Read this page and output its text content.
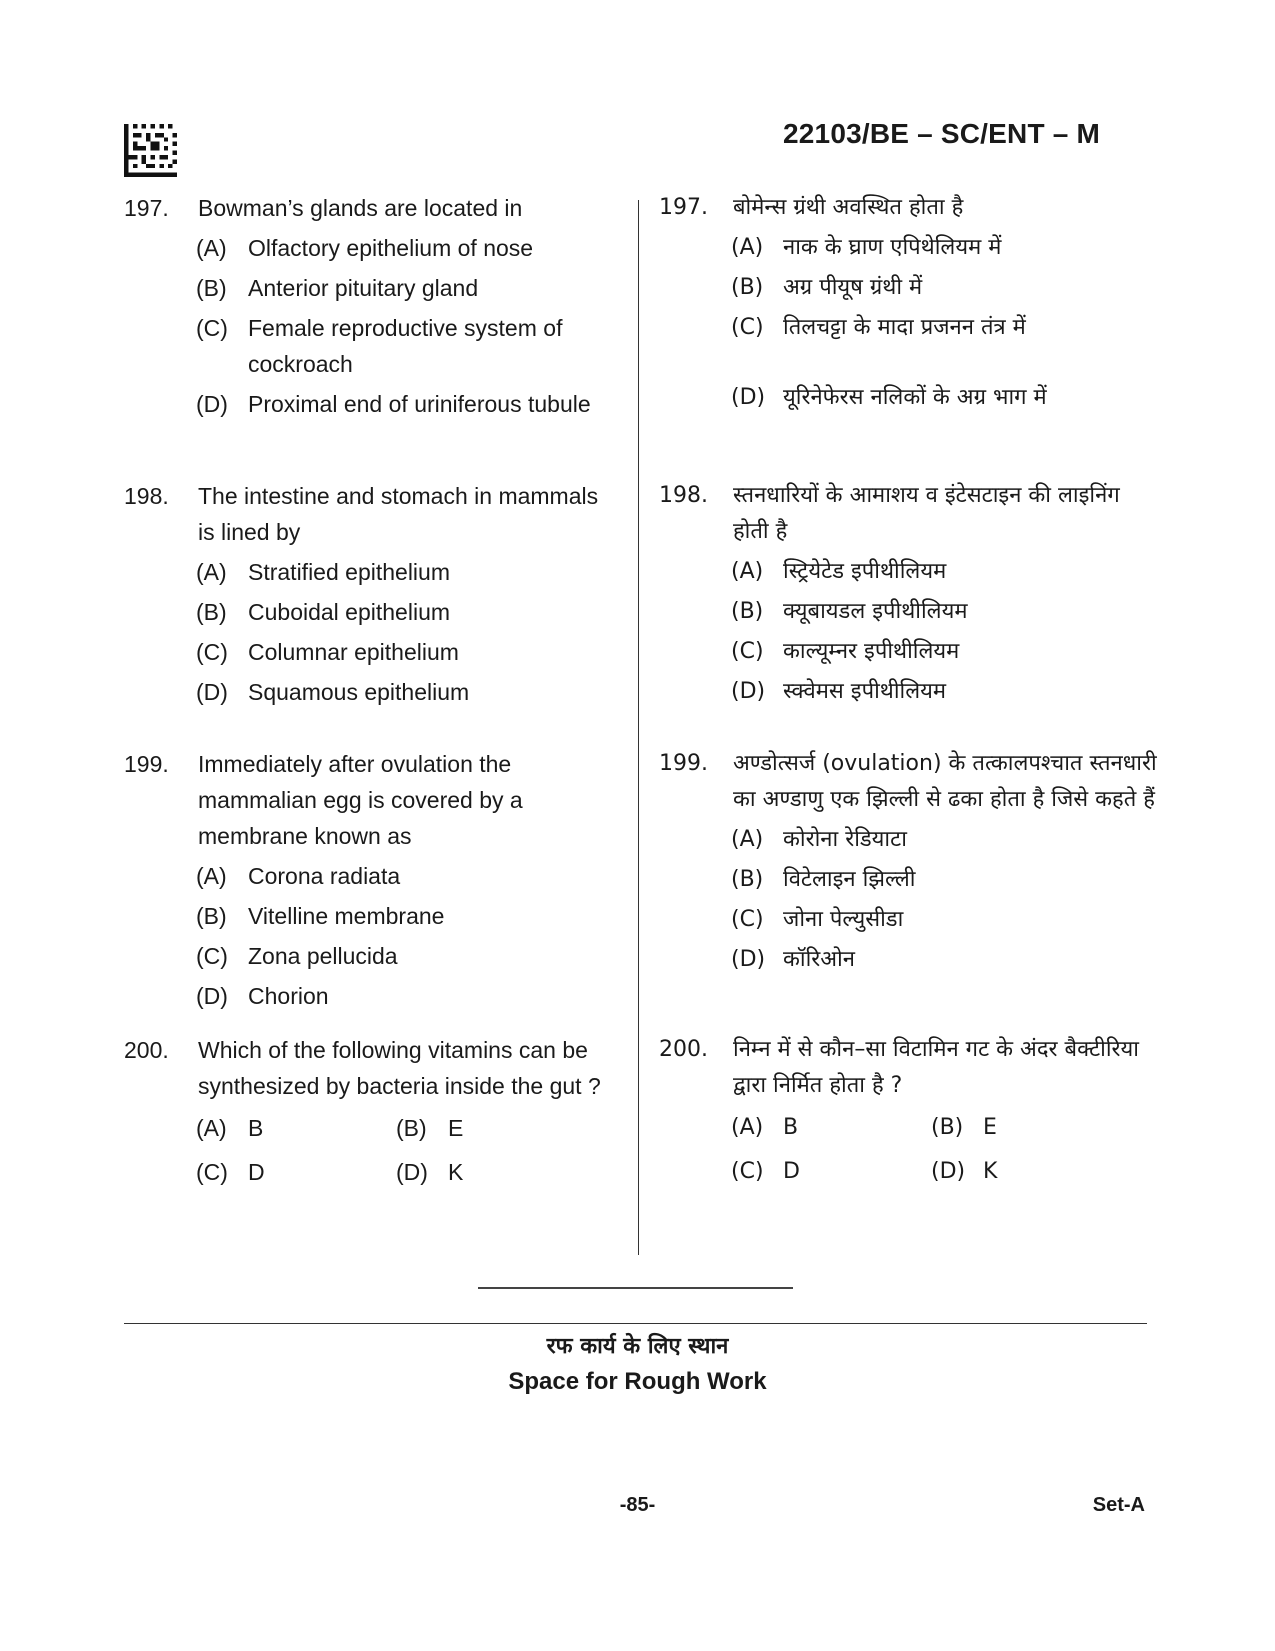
22103/BE – SC/ENT – M
197.	Bowman’s glands are located in
(A) Olfactory epithelium of nose
(B) Anterior pituitary gland
(C) Female reproductive system of cockroach
(D) Proximal end of uriniferous tubule
198.	The intestine and stomach in mammals is lined by
(A) Stratified epithelium
(B) Cuboidal epithelium
(C) Columnar epithelium
(D) Squamous epithelium
199.	Immediately after ovulation the mammalian egg is covered by a membrane known as
(A) Corona radiata
(B) Vitelline membrane
(C) Zona pellucida
(D) Chorion
200.	Which of the following vitamins can be synthesized by bacteria inside the gut ?
(A) B	(B) E
(C) D	(D) K
197.	बोमेन्स ग्रंथी अवस्थित होता है
(A) नाक के घ्राण एपिथेलियम में
(B) अग्र पीयूष ग्रंथी में
(C) तिलचट्टा के मादा प्रजनन तंत्र में
(D) यूरिनेफेरस नलिकों के अग्र भाग में
198.	स्तनधारियों के आमाशय व इंटेसटाइन की लाइनिंग होती है
(A) स्ट्रियेटेड इपीथीलियम
(B) क्यूबायडल इपीथीलियम
(C) काल्यूम्नर इपीथीलियम
(D) स्क्वेमस इपीथीलियम
199.	अण्डोत्सर्ज (ovulation) के तत्कालपश्चात स्तनधारी का अण्डाणु एक झिल्ली से ढका होता है जिसे कहते हैं
(A) कोरोना रेडियाटा
(B) विटेलाइन झिल्ली
(C) जोना पेल्युसीडा
(D) कॉरिओन
200.	निम्न में से कौन–सा विटामिन गट के अंदर बैक्टीरिया द्वारा निर्मित होता है ?
(A) B	(B) E
(C) D	(D) K
रफ कार्य के लिए स्थान
Space for Rough Work
-85-	Set-A
